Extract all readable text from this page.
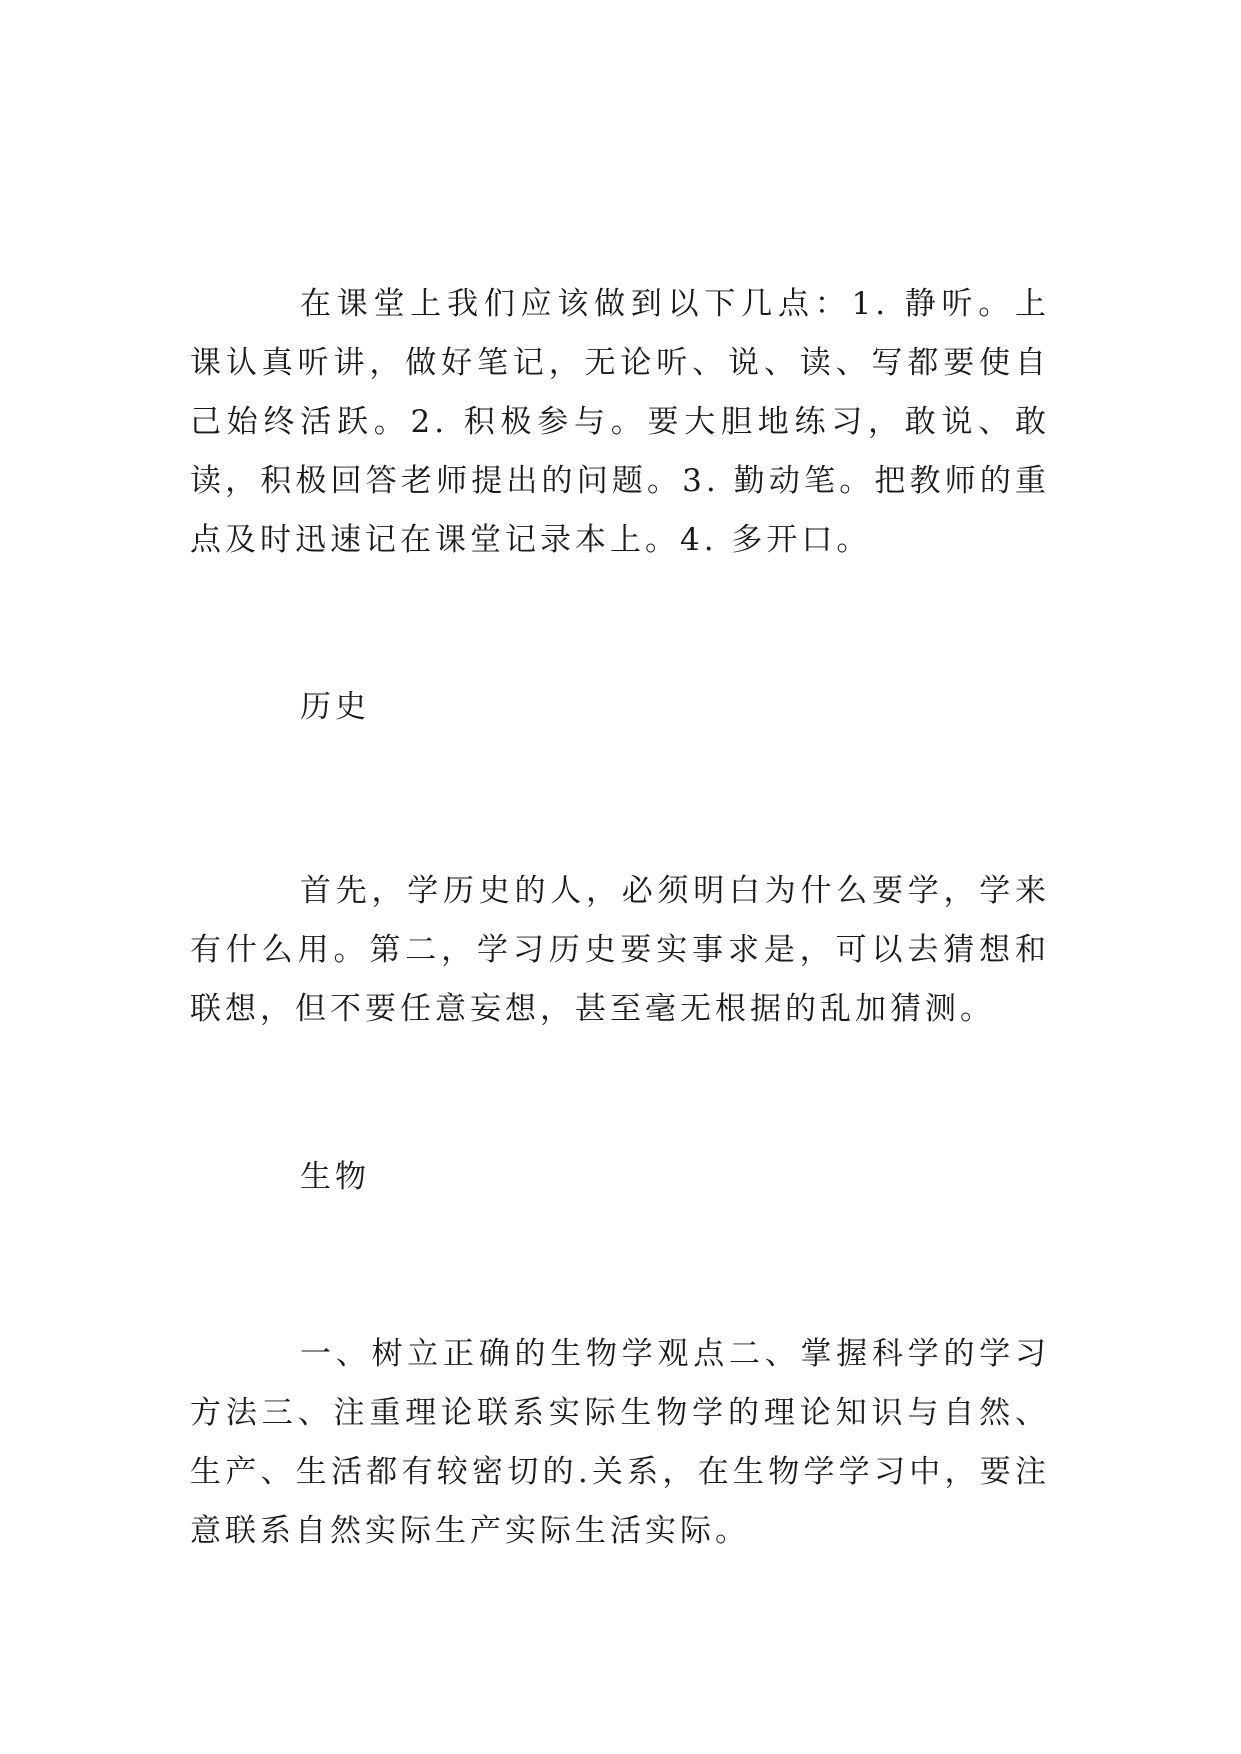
在课堂上我们应该做到以下几点：1. 静听。上课认真听讲，做好笔记，无论听、说、读、写都要使自己始终活跃。2. 积极参与。要大胆地练习，敢说、敢读，积极回答老师提出的问题。3. 勤动笔。把教师的重点及时迅速记在课堂记录本上。4. 多开口。

历史

首先，学历史的人，必须明白为什么要学，学来有什么用。第二，学习历史要实事求是，可以去猜想和联想，但不要任意妄想，甚至毫无根据的乱加猜测。

生物

一、树立正确的生物学观点二、掌握科学的学习方法三、注重理论联系实际生物学的理论知识与自然、生产、生活都有较密切的.关系，在生物学学习中，要注意联系自然实际生产实际生活实际。
